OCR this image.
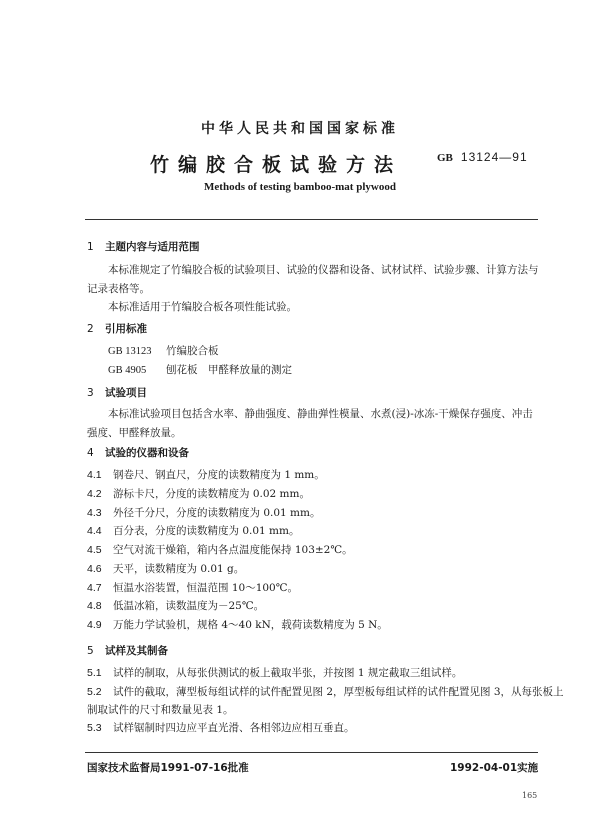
中华人民共和国国家标准
竹编胶合板试验方法	GB 13124—91
Methods of testing bamboo-mat plywood
1 主题内容与适用范围
本标准规定了竹编胶合板的试验项目、试验的仪器和设备、试材试样、试验步骤、计算方法与记录表格等。
本标准适用于竹编胶合板各项性能试验。
2 引用标准
GB 13123 竹编胶合板
GB 4905 刨花板　甲醛释放量的测定
3 试验项目
本标准试验项目包括含水率、静曲强度、静曲弹性模量、水煮(浸)-冰冻-干燥保存强度、冲击强度、甲醛释放量。
4 试验的仪器和设备
4.1 钢卷尺、钢直尺，分度的读数精度为 1 mm。
4.2 游标卡尺，分度的读数精度为 0.02 mm。
4.3 外径千分尺，分度的读数精度为 0.01 mm。
4.4 百分表，分度的读数精度为 0.01 mm。
4.5 空气对流干燥箱，箱内各点温度能保持 103±2℃。
4.6 天平，读数精度为 0.01 g。
4.7 恒温水浴装置，恒温范围 10～100℃。
4.8 低温冰箱，读数温度为－25℃。
4.9 万能力学试验机，规格 4～40 kN，载荷读数精度为 5 N。
5 试样及其制备
5.1 试样的制取，从每张供测试的板上截取半张，并按图 1 规定截取三组试样。
5.2 试件的截取，薄型板每组试样的试件配置见图 2，厚型板每组试样的试件配置见图 3，从每张板上
制取试件的尺寸和数量见表 1。
5.3 试样锯制时四边应平直光滑、各相邻边应相互垂直。
国家技术监督局1991-07-16批准	1992-04-01实施
165
